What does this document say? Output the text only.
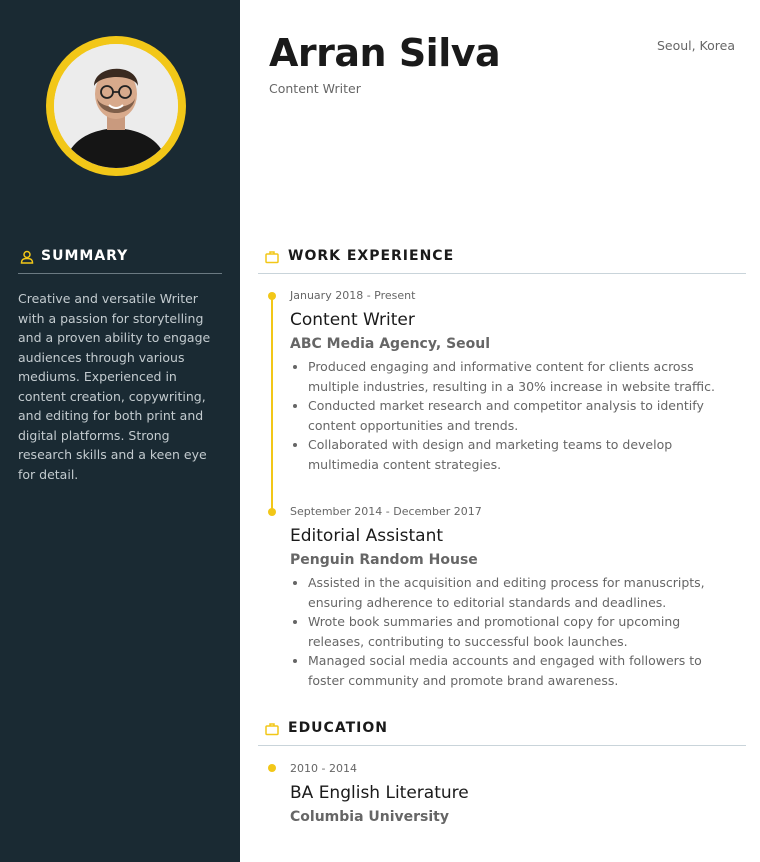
SUMMARY
Creative and versatile Writer with a passion for storytelling and a proven ability to engage audiences through various mediums. Experienced in content creation, copywriting, and editing for both print and digital platforms. Strong research skills and a keen eye for detail.
Arran Silva
Content Writer
Seoul, Korea
WORK EXPERIENCE
January 2018 - Present
Content Writer
ABC Media Agency, Seoul
• Produced engaging and informative content for clients across multiple industries, resulting in a 30% increase in website traffic.
• Conducted market research and competitor analysis to identify content opportunities and trends.
• Collaborated with design and marketing teams to develop multimedia content strategies.
September 2014 - December 2017
Editorial Assistant
Penguin Random House
• Assisted in the acquisition and editing process for manuscripts, ensuring adherence to editorial standards and deadlines.
• Wrote book summaries and promotional copy for upcoming releases, contributing to successful book launches.
• Managed social media accounts and engaged with followers to foster community and promote brand awareness.
EDUCATION
2010 - 2014
BA English Literature
Columbia University
